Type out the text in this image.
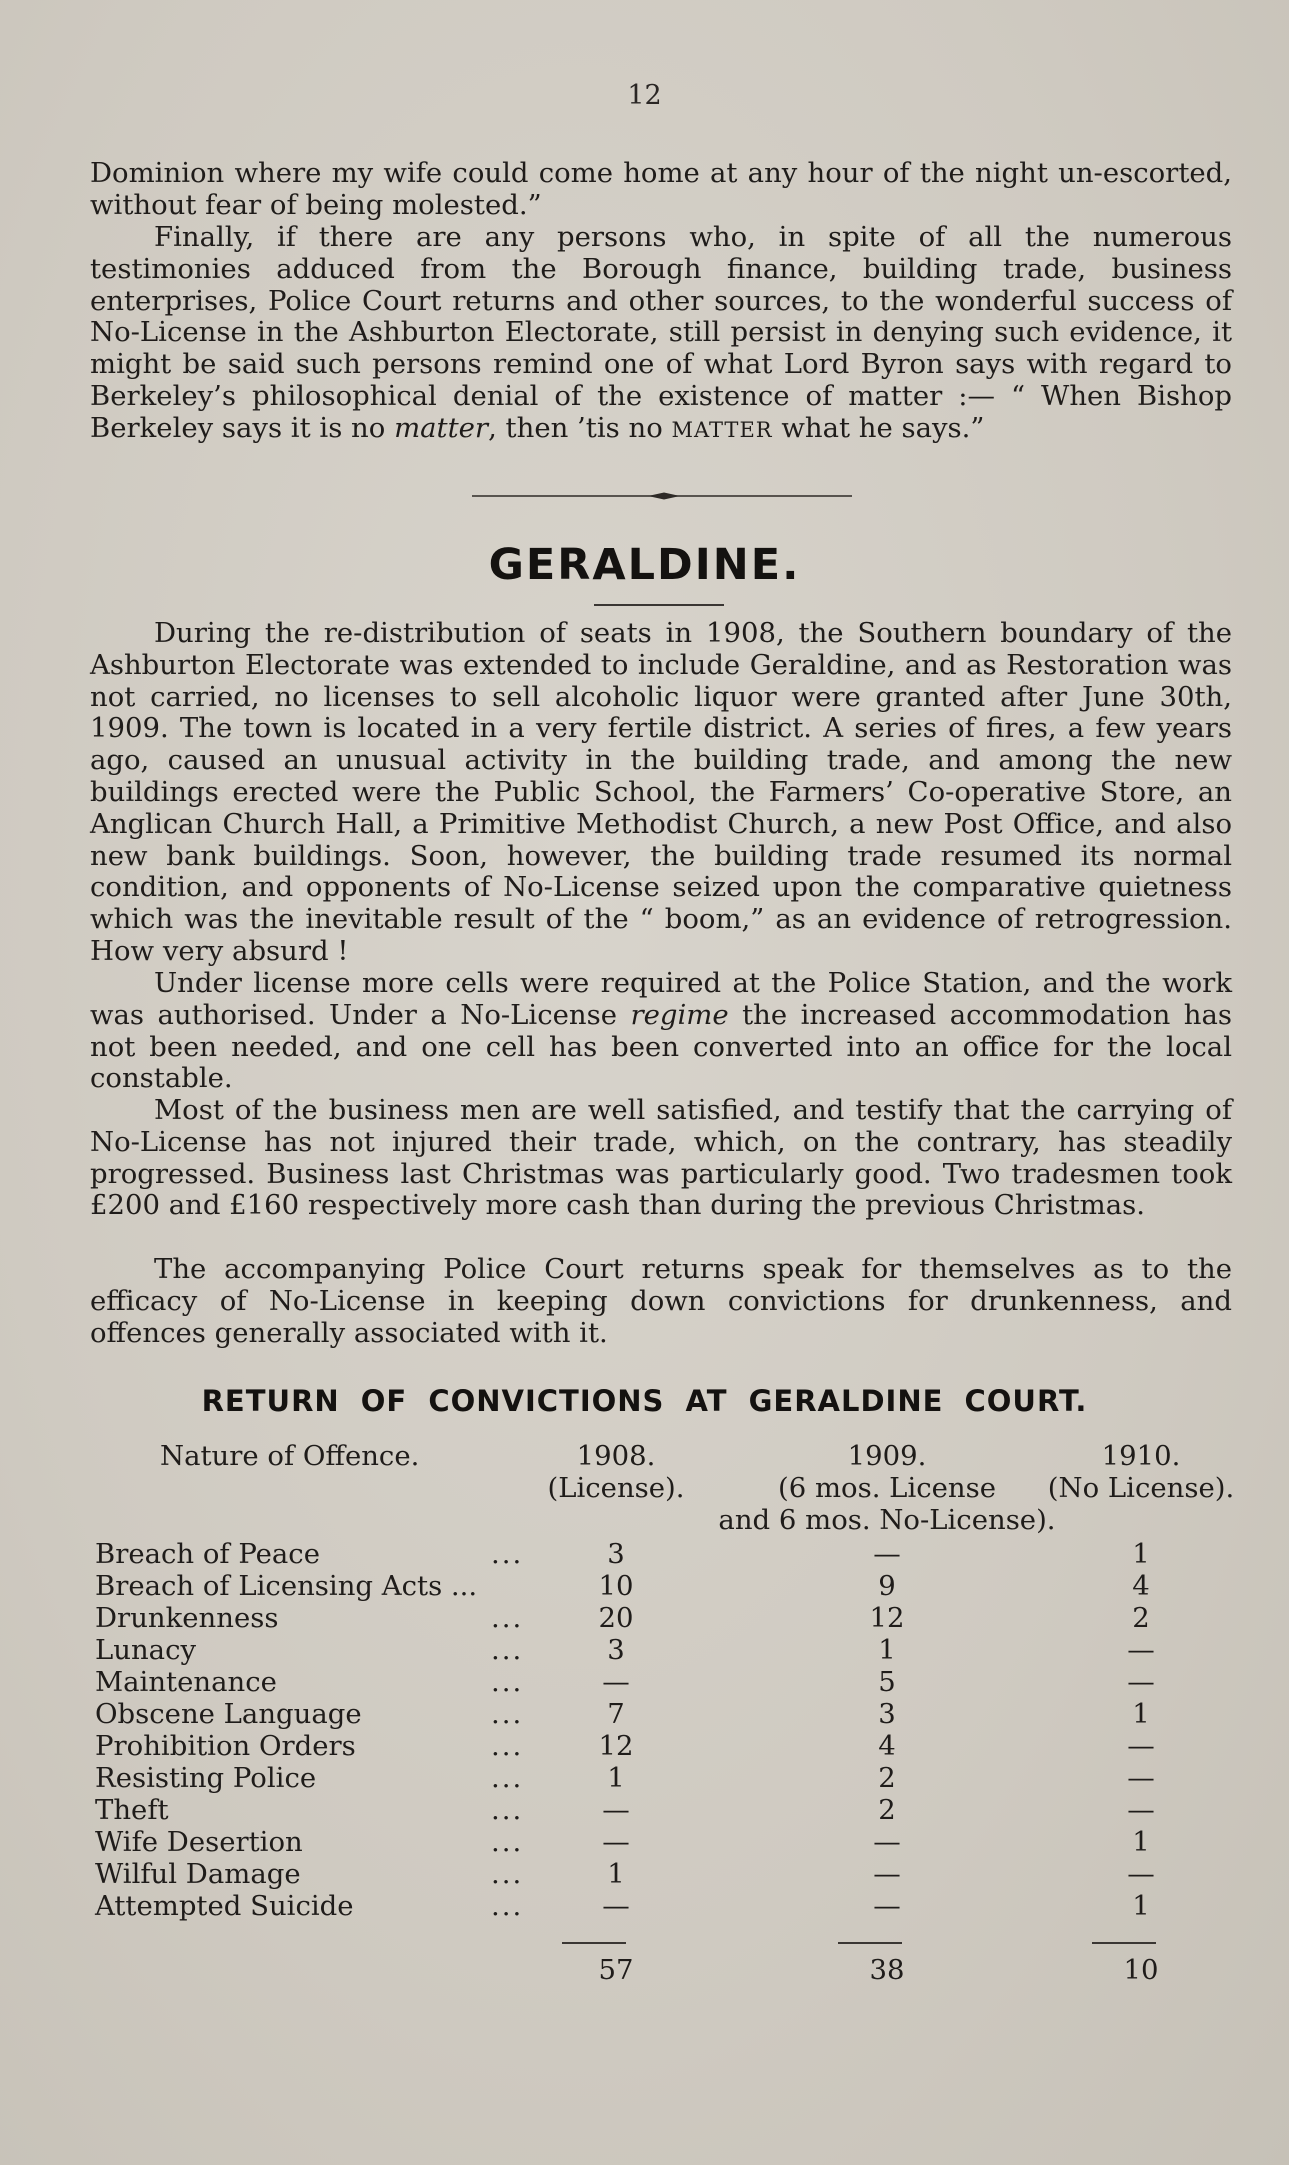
12

Dominion where my wife could come home at any hour of the night un-escorted, without fear of being molested.”

Finally, if there are any persons who, in spite of all the numerous testimonies adduced from the Borough finance, building trade, business enterprises, Police Court returns and other sources, to the wonderful success of No-License in the Ashburton Electorate, still persist in denying such evidence, it might be said such persons remind one of what Lord Byron says with regard to Berkeley’s philosophical denial of the existence of matter :— “ When Bishop Berkeley says it is no matter, then ’tis no MATTER what he says.”

GERALDINE.

During the re-distribution of seats in 1908, the Southern boundary of the Ashburton Electorate was extended to include Geraldine, and as Restoration was not carried, no licenses to sell alcoholic liquor were granted after June 30th, 1909. The town is located in a very fertile district. A series of fires, a few years ago, caused an unusual activity in the building trade, and among the new buildings erected were the Public School, the Farmers’ Co-operative Store, an Anglican Church Hall, a Primitive Methodist Church, a new Post Office, and also new bank buildings. Soon, however, the building trade resumed its normal condition, and opponents of No-License seized upon the comparative quietness which was the inevitable result of the “ boom,” as an evidence of retrogression. How very absurd !

Under license more cells were required at the Police Station, and the work was authorised. Under a No-License regime the increased accommodation has not been needed, and one cell has been converted into an office for the local constable.

Most of the business men are well satisfied, and testify that the carrying of No-License has not injured their trade, which, on the contrary, has steadily progressed. Business last Christmas was particularly good. Two tradesmen took £200 and £160 respectively more cash than during the previous Christmas.

The accompanying Police Court returns speak for themselves as to the efficacy of No-License in keeping down convictions for drunkenness, and offences generally associated with it.

RETURN OF CONVICTIONS AT GERALDINE COURT.
Nature of Offence.	1908.
(License).
1909.
(6 mos. License
and 6 mos. No-License).
1910.
(No License).
Breach of Peace	...	3	—	1
Breach of Licensing Acts ...	10	9	4
Drunkenness	...	20	12	2
Lunacy	...	3	1	—
Maintenance	...	—	5	—
Obscene Language	...	7	3	1
Prohibition Orders	...	12	4	—
Resisting Police	...	1	2	—
Theft	...	—	2	—
Wife Desertion	...	—	—	1
Wilful Damage	...	1	—	—
Attempted Suicide	...	—	—	1
57	38	10
